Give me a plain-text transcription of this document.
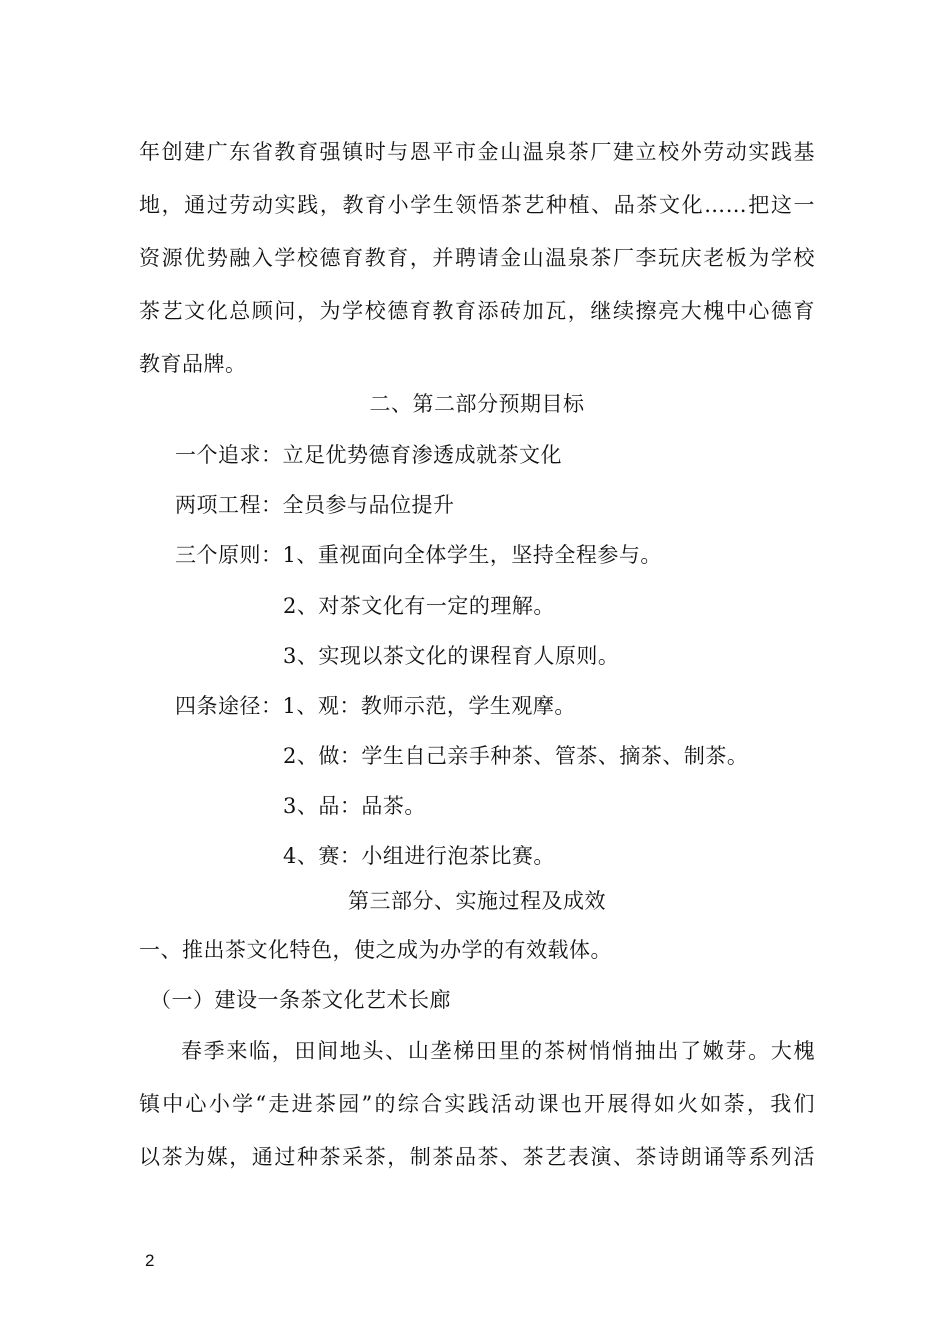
年创建广东省教育强镇时与恩平市金山温泉茶厂建立校外劳动实践基
地，通过劳动实践，教育小学生领悟茶艺种植、品茶文化……把这一
资源优势融入学校德育教育，并聘请金山温泉茶厂李玩庆老板为学校
茶艺文化总顾问，为学校德育教育添砖加瓦，继续擦亮大槐中心德育
教育品牌。
二、第二部分预期目标
一个追求：立足优势德育渗透成就茶文化
两项工程：全员参与品位提升
三个原则：1、重视面向全体学生，坚持全程参与。
2、对茶文化有一定的理解。
3、实现以茶文化的课程育人原则。
四条途径：1、观：教师示范，学生观摩。
2、做：学生自己亲手种茶、管茶、摘茶、制茶。
3、品：品茶。
4、赛：小组进行泡茶比赛。
第三部分、实施过程及成效
一、推出茶文化特色，使之成为办学的有效载体。
（一）建设一条茶文化艺术长廊
春季来临，田间地头、山垄梯田里的茶树悄悄抽出了嫩芽。大槐
镇中心小学“走进茶园”的综合实践活动课也开展得如火如荼，我们
以茶为媒，通过种茶采茶，制茶品茶、茶艺表演、茶诗朗诵等系列活
2
